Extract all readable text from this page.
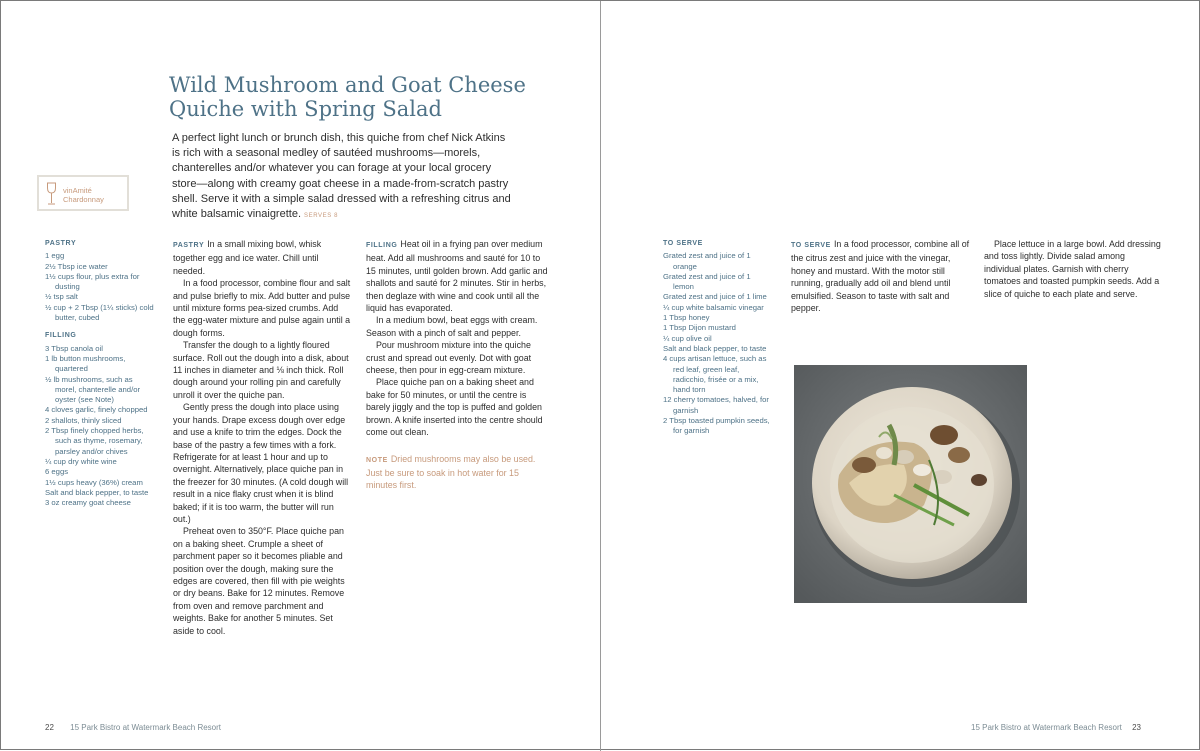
Wild Mushroom and Goat Cheese
Quiche with Spring Salad
A perfect light lunch or brunch dish, this quiche from chef Nick Atkins
is rich with a seasonal medley of sautéed mushrooms—morels,
chanterelles and/or whatever you can forage at your local grocery
store—along with creamy goat cheese in a made-from-scratch pastry
shell. Serve it with a simple salad dressed with a refreshing citrus and
white balsamic vinaigrette. SERVES 8
vinAmité
Chardonnay
PASTRY
1 egg
2½ Tbsp ice water
1½ cups flour, plus extra for dusting
½ tsp salt
½ cup + 2 Tbsp (1¼ sticks) cold butter, cubed
FILLING
3 Tbsp canola oil
1 lb button mushrooms, quartered
½ lb mushrooms, such as morel, chanterelle and/or oyster (see Note)
4 cloves garlic, finely chopped
2 shallots, thinly sliced
2 Tbsp finely chopped herbs, such as thyme, rosemary, parsley and/or chives
¼ cup dry white wine
6 eggs
1½ cups heavy (36%) cream
Salt and black pepper, to taste
3 oz creamy goat cheese

PASTRY In a small mixing bowl, whisk together egg and ice water. Chill until needed.

In a food processor, combine flour and salt and pulse briefly to mix. Add butter and pulse until mixture forms pea-sized crumbs. Add the egg-water mixture and pulse again until a dough forms.

Transfer the dough to a lightly floured surface. Roll out the dough into a disk, about 11 inches in diameter and ⅛ inch thick. Roll dough around your rolling pin and carefully unroll it over the quiche pan.

Gently press the dough into place using your hands. Drape excess dough over edge and use a knife to trim the edges. Dock the base of the pastry a few times with a fork. Refrigerate for at least 1 hour and up to overnight. Alternatively, place quiche pan in the freezer for 30 minutes. (A cold dough will result in a nice flaky crust when it is blind baked; if it is too warm, the butter will run out.)

Preheat oven to 350°F. Place quiche pan on a baking sheet. Crumple a sheet of parchment paper so it becomes pliable and position over the dough, making sure the edges are covered, then fill with pie weights or dry beans. Bake for 12 minutes. Remove from oven and remove parchment and weights. Bake for another 5 minutes. Set aside to cool.

FILLING Heat oil in a frying pan over medium heat. Add all mushrooms and sauté for 10 to 15 minutes, until golden brown. Add garlic and shallots and sauté for 2 minutes. Stir in herbs, then deglaze with wine and cook until all the liquid has evaporated.

In a medium bowl, beat eggs with cream. Season with a pinch of salt and pepper.

Pour mushroom mixture into the quiche crust and spread out evenly. Dot with goat cheese, then pour in egg-cream mixture.

Place quiche pan on a baking sheet and bake for 50 minutes, or until the centre is barely jiggly and the top is puffed and golden brown. A knife inserted into the centre should come out clean.

NOTE Dried mushrooms may also be used. Just be sure to soak in hot water for 15 minutes first.

22 15 Park Bistro at Watermark Beach Resort
TO SERVE
Grated zest and juice of 1 orange
Grated zest and juice of 1 lemon
Grated zest and juice of 1 lime
¼ cup white balsamic vinegar
1 Tbsp honey
1 Tbsp Dijon mustard
¼ cup olive oil
Salt and black pepper, to taste
4 cups artisan lettuce, such as red leaf, green leaf, radicchio, frisée or a mix, hand torn
12 cherry tomatoes, halved, for garnish
2 Tbsp toasted pumpkin seeds, for garnish

TO SERVE In a food processor, combine all of the citrus zest and juice with the vinegar, honey and mustard. With the motor still running, gradually add oil and blend until emulsified. Season to taste with salt and pepper.

Place lettuce in a large bowl. Add dressing and toss lightly. Divide salad among individual plates. Garnish with cherry tomatoes and toasted pumpkin seeds. Add a slice of quiche to each plate and serve.

15 Park Bistro at Watermark Beach Resort 23
